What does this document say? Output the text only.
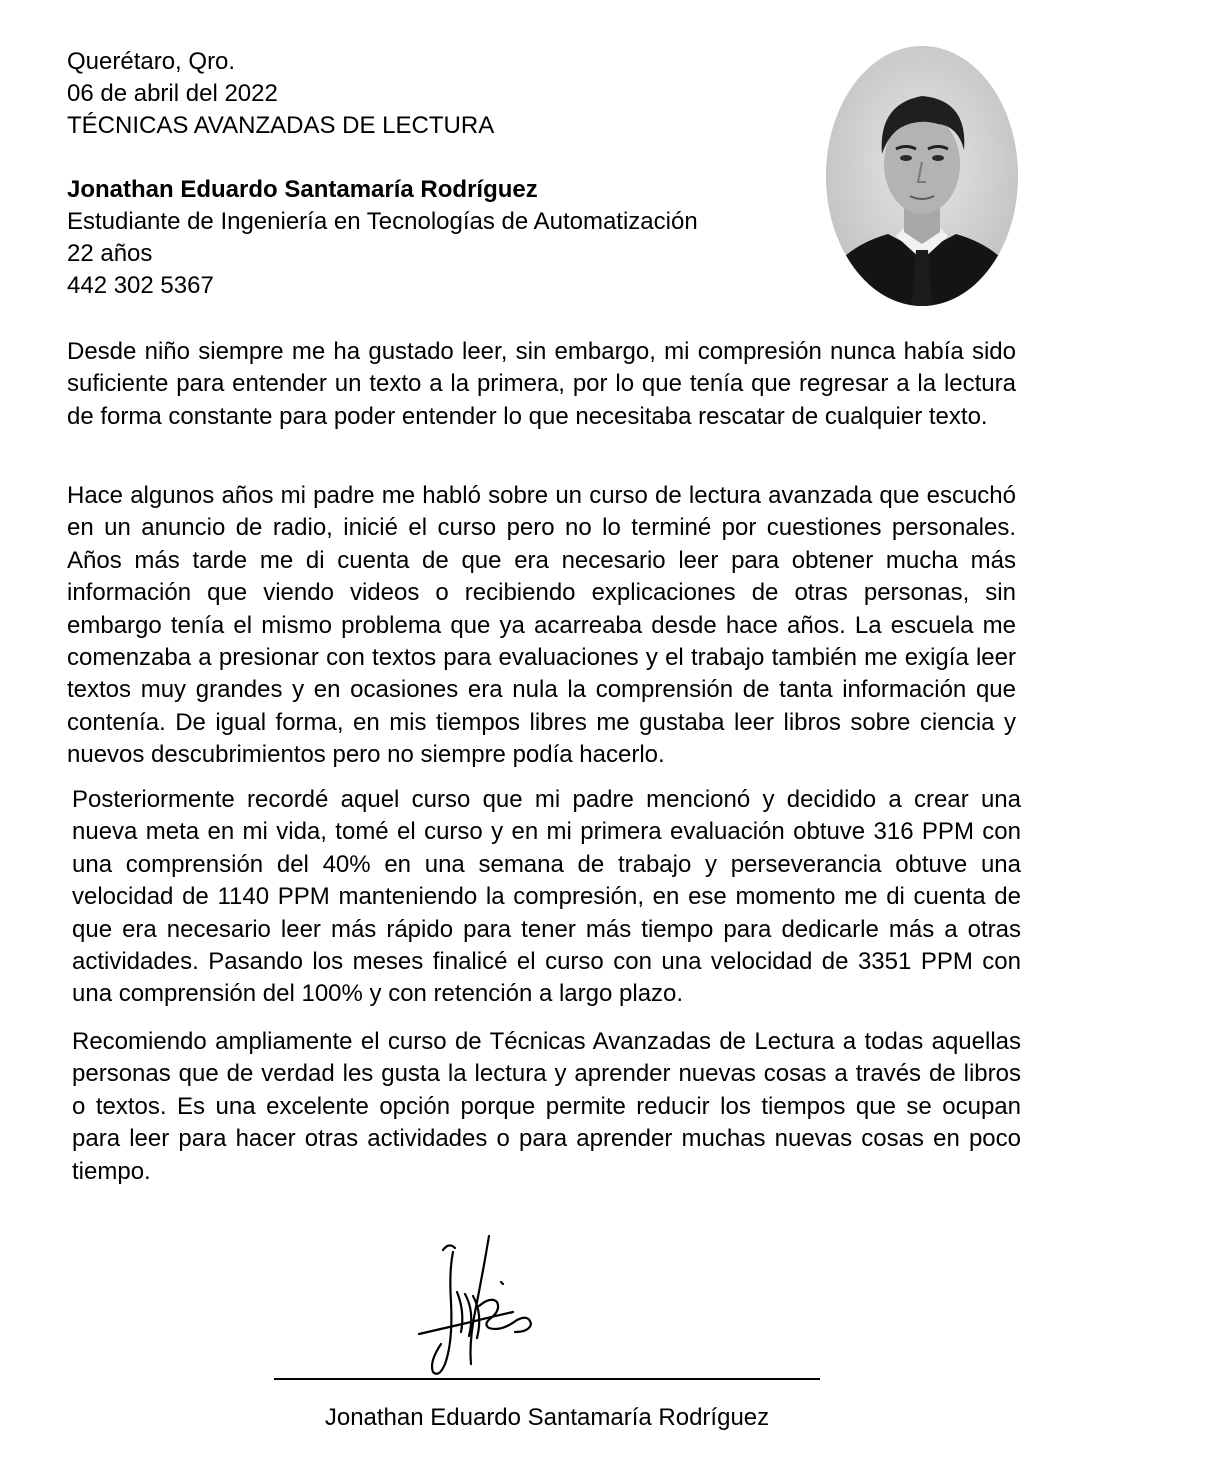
Querétaro, Qro.
06 de abril del 2022
TÉCNICAS AVANZADAS DE LECTURA
Jonathan Eduardo Santamaría Rodríguez
Estudiante de Ingeniería en Tecnologías de Automatización
22 años
442 302 5367

Desde niño siempre me ha gustado leer, sin embargo, mi compresión nunca había sido suficiente para entender un texto a la primera, por lo que tenía que regresar a la lectura de forma constante para poder entender lo que necesitaba rescatar de cualquier texto.

Hace algunos años mi padre me habló sobre un curso de lectura avanzada que escuchó en un anuncio de radio, inicié el curso pero no lo terminé por cuestiones personales. Años más tarde me di cuenta de que era necesario leer para obtener mucha más información que viendo videos o recibiendo explicaciones de otras personas, sin embargo tenía el mismo problema que ya acarreaba desde hace años. La escuela me comenzaba a presionar con textos para evaluaciones y el trabajo también me exigía leer textos muy grandes y en ocasiones era nula la comprensión de tanta información que contenía. De igual forma, en mis tiempos libres me gustaba leer libros sobre ciencia y nuevos descubrimientos pero no siempre podía hacerlo.

Posteriormente recordé aquel curso que mi padre mencionó y decidido a crear una nueva meta en mi vida, tomé el curso y en mi primera evaluación obtuve 316 PPM con una comprensión del 40% en una semana de trabajo y perseverancia obtuve una velocidad de 1140 PPM manteniendo la compresión, en ese momento me di cuenta de que era necesario leer más rápido para tener más tiempo para dedicarle más a otras actividades. Pasando los meses finalicé el curso con una velocidad de 3351 PPM con una comprensión del 100% y con retención a largo plazo.

Recomiendo ampliamente el curso de Técnicas Avanzadas de Lectura a todas aquellas personas que de verdad les gusta la lectura y aprender nuevas cosas a través de libros o textos. Es una excelente opción porque permite reducir los tiempos que se ocupan para leer para hacer otras actividades o para aprender muchas nuevas cosas en poco tiempo.

Jonathan Eduardo Santamaría Rodríguez
